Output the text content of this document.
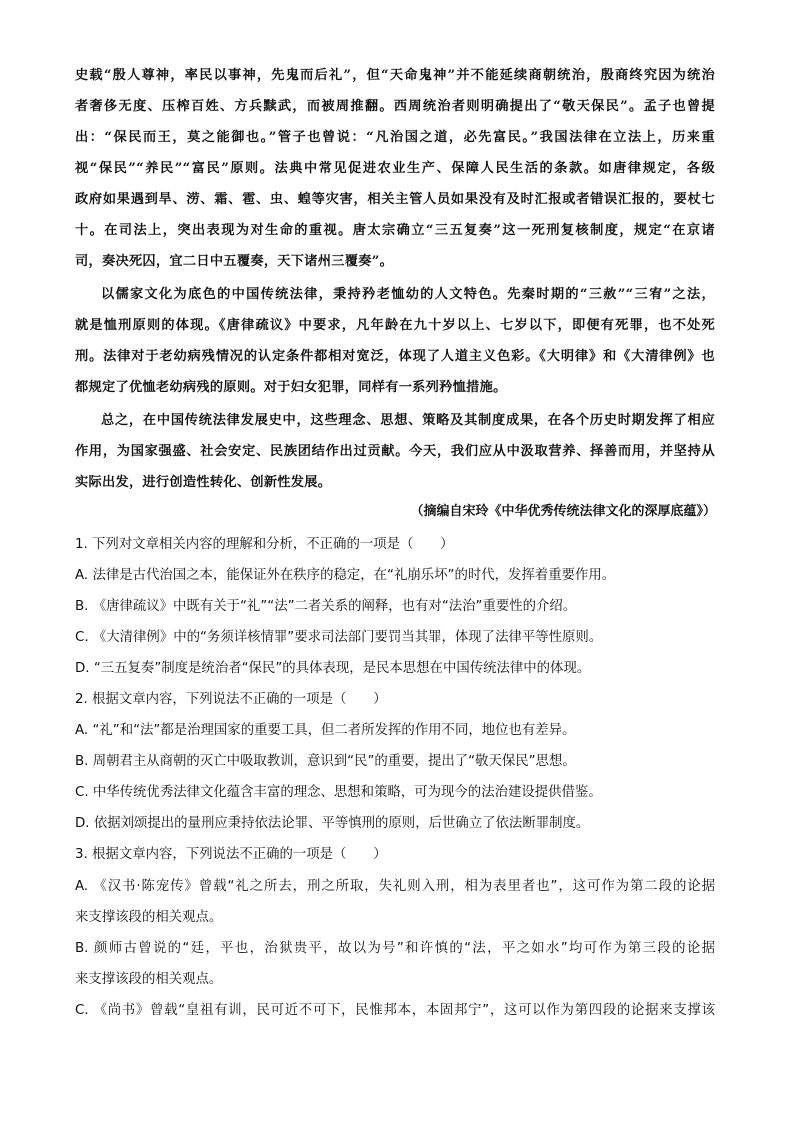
史载“殷人尊神，率民以事神，先鬼而后礼”，但“天命鬼神”并不能延续商朝统治，殷商终究因为统治
者奢侈无度、压榨百姓、方兵黩武，而被周推翻。西周统治者则明确提出了“敬天保民”。孟子也曾提
出：“保民而王，莫之能御也。”管子也曾说：“凡治国之道，必先富民。”我国法律在立法上，历来重
视“保民”“养民”“富民”原则。法典中常见促进农业生产、保障人民生活的条款。如唐律规定，各级
政府如果遇到旱、涝、霜、雹、虫、蝗等灾害，相关主管人员如果没有及时汇报或者错误汇报的，要杖七
十。在司法上，突出表现为对生命的重视。唐太宗确立“三五复奏”这一死刑复核制度，规定“在京诸
司，奏决死囚，宜二日中五覆奏，天下诸州三覆奏”。
以儒家文化为底色的中国传统法律，秉持矜老恤幼的人文特色。先秦时期的“三赦”“三宥”之法，
就是恤刑原则的体现。《唐律疏议》中要求，凡年龄在九十岁以上、七岁以下，即便有死罪，也不处死
刑。法律对于老幼病残情况的认定条件都相对宽泛，体现了人道主义色彩。《大明律》和《大清律例》也
都规定了优恤老幼病残的原则。对于妇女犯罪，同样有一系列矜恤措施。
总之，在中国传统法律发展史中，这些理念、思想、策略及其制度成果，在各个历史时期发挥了相应
作用，为国家强盛、社会安定、民族团结作出过贡献。今天，我们应从中汲取营养、择善而用，并坚持从
实际出发，进行创造性转化、创新性发展。
（摘编自宋玲《中华优秀传统法律文化的深厚底蕴》）
1. 下列对文章相关内容的理解和分析，不正确的一项是（　　）
A. 法律是古代治国之本，能保证外在秩序的稳定，在“礼崩乐坏”的时代，发挥着重要作用。
B. 《唐律疏议》中既有关于“礼”“法”二者关系的阐释，也有对“法治”重要性的介绍。
C. 《大清律例》中的“务须详核情罪”要求司法部门要罚当其罪，体现了法律平等性原则。
D. “三五复奏”制度是统治者“保民”的具体表现，是民本思想在中国传统法律中的体现。
2. 根据文章内容，下列说法不正确的一项是（　　）
A. “礼”和“法”都是治理国家的重要工具，但二者所发挥的作用不同，地位也有差异。
B. 周朝君主从商朝的灭亡中吸取教训，意识到“民”的重要，提出了“敬天保民”思想。
C. 中华传统优秀法律文化蕴含丰富的理念、思想和策略，可为现今的法治建设提供借鉴。
D. 依据刘颂提出的量刑应秉持依法论罪、平等慎刑的原则，后世确立了依法断罪制度。
3. 根据文章内容，下列说法不正确的一项是（　　）
A. 《汉书·陈宠传》曾载“礼之所去，刑之所取，失礼则入刑，相为表里者也”，这可作为第二段的论据
来支撑该段的相关观点。
B. 颜师古曾说的“廷，平也，治狱贵平，故以为号”和许慎的“法，平之如水”均可作为第三段的论据
来支撑该段的相关观点。
C. 《尚书》曾载“皇祖有训，民可近不可下，民惟邦本，本固邦宁”，这可以作为第四段的论据来支撑该
